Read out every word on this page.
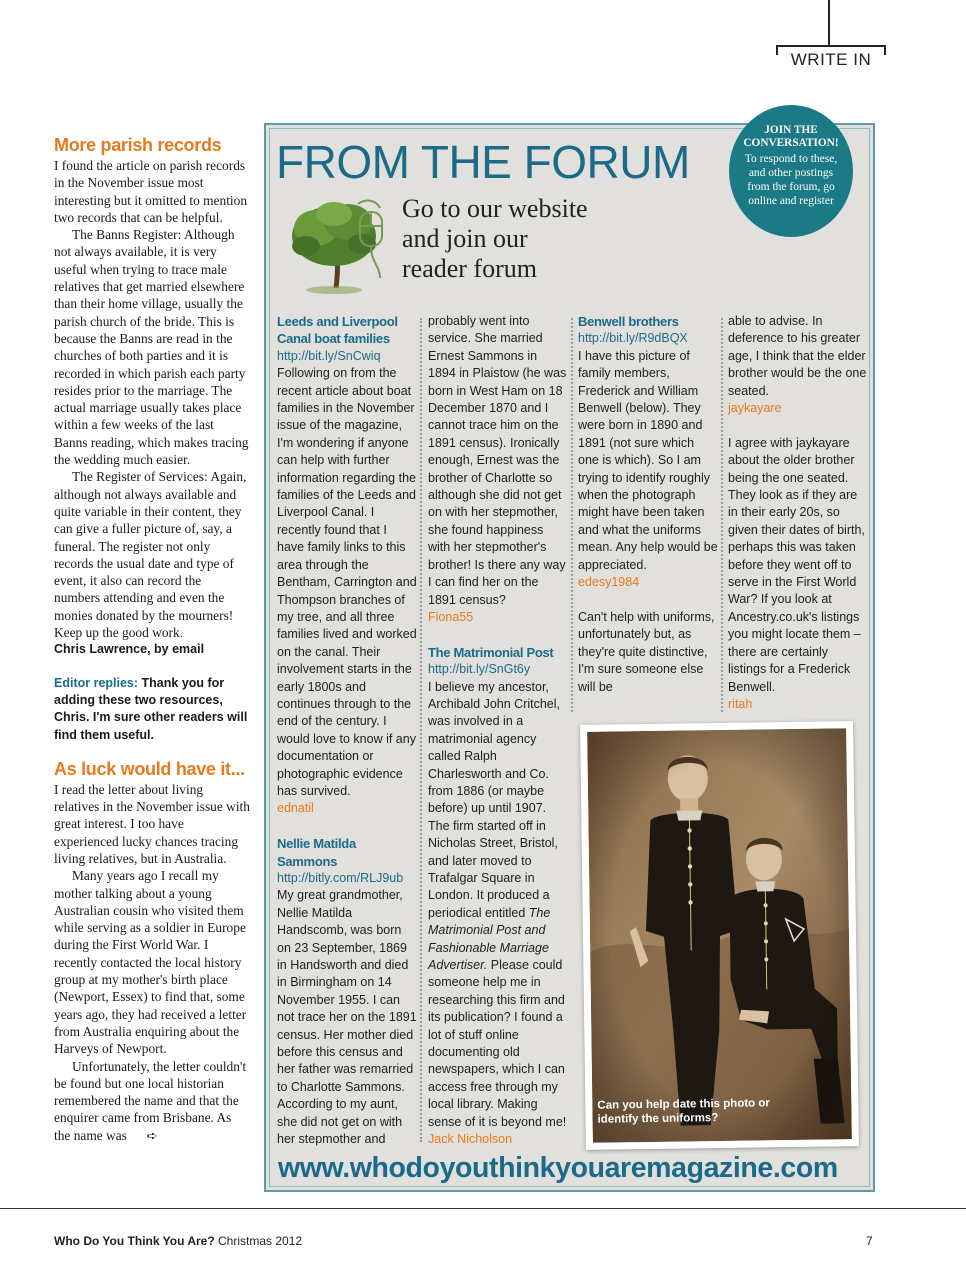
WRITE IN
More parish records

I found the article on parish records in the November issue most interesting but it omitted to mention two records that can be helpful.

The Banns Register: Although not always available, it is very useful when trying to trace male relatives that get married elsewhere than their home village, usually the parish church of the bride. This is because the Banns are read in the churches of both parties and it is recorded in which parish each party resides prior to the marriage. The actual marriage usually takes place within a few weeks of the last Banns reading, which makes tracing the wedding much easier.

The Register of Services: Again, although not always available and quite variable in their content, they can give a fuller picture of, say, a funeral. The register not only records the usual date and type of event, it also can record the numbers attending and even the monies donated by the mourners! Keep up the good work.

Chris Lawrence, by email

Editor replies: Thank you for adding these two resources, Chris. I'm sure other readers will find them useful.

As luck would have it...

I read the letter about living relatives in the November issue with great interest. I too have experienced lucky chances tracing living relatives, but in Australia.

Many years ago I recall my mother talking about a young Australian cousin who visited them while serving as a soldier in Europe during the First World War. I recently contacted the local history group at my mother's birth place (Newport, Essex) to find that, some years ago, they had received a letter from Australia enquiring about the Harveys of Newport.

Unfortunately, the letter couldn't be found but one local historian remembered the name and that the enquirer came from Brisbane. As the name was ➪

FROM THE FORUM
Go to our website
and join our
reader forum
JOIN THE CONVERSATION!
To respond to these, and other postings from the forum, go online and register
Leeds and Liverpool Canal boat families

http://bit.ly/SnCwiq

Following on from the recent article about boat families in the November issue of the magazine, I'm wondering if anyone can help with further information regarding the families of the Leeds and Liverpool Canal. I recently found that I have family links to this area through the Bentham, Carrington and Thompson branches of my tree, and all three families lived and worked on the canal. Their involvement starts in the early 1800s and continues through to the end of the century. I would love to know if any documentation or photographic evidence has survived.

ednatil

Nellie Matilda Sammons

http://bitly.com/RLJ9ub

My great grandmother, Nellie Matilda Handscomb, was born on 23 September, 1869 in Handsworth and died in Birmingham on 14 November 1955. I can not trace her on the 1891 census. Her mother died before this census and her father was remarried to Charlotte Sammons. According to my aunt, she did not get on with her stepmother and

probably went into service. She married Ernest Sammons in 1894 in Plaistow (he was born in West Ham on 18 December 1870 and I cannot trace him on the 1891 census). Ironically enough, Ernest was the brother of Charlotte so although she did not get on with her stepmother, she found happiness with her stepmother's brother! Is there any way I can find her on the 1891 census?

Fiona55

The Matrimonial Post

http://bit.ly/SnGt6y

I believe my ancestor, Archibald John Critchel, was involved in a matrimonial agency called Ralph Charlesworth and Co. from 1886 (or maybe before) up until 1907. The firm started off in Nicholas Street, Bristol, and later moved to Trafalgar Square in London. It produced a periodical entitled The Matrimonial Post and Fashionable Marriage Advertiser. Please could someone help me in researching this firm and its publication? I found a lot of stuff online documenting old newspapers, which I can access free through my local library. Making sense of it is beyond me!

Jack Nicholson

Benwell brothers

http://bit.ly/R9dBQX

I have this picture of family members, Frederick and William Benwell (below). They were born in 1890 and 1891 (not sure which one is which). So I am trying to identify roughly when the photograph might have been taken and what the uniforms mean. Any help would be appreciated.

edesy1984

Can't help with uniforms, unfortunately but, as they're quite distinctive, I'm sure someone else will be

able to advise. In deference to his greater age, I think that the elder brother would be the one seated.

jaykayare

I agree with jaykayare about the older brother being the one seated. They look as if they are in their early 20s, so given their dates of birth, perhaps this was taken before they went off to serve in the First World War? If you look at Ancestry.co.uk's listings you might locate them – there are certainly listings for a Frederick Benwell.

ritah

Can you help date this photo or identify the uniforms?
www.whodoyouthinkyouaremagazine.com
Who Do You Think You Are? Christmas 2012	7
